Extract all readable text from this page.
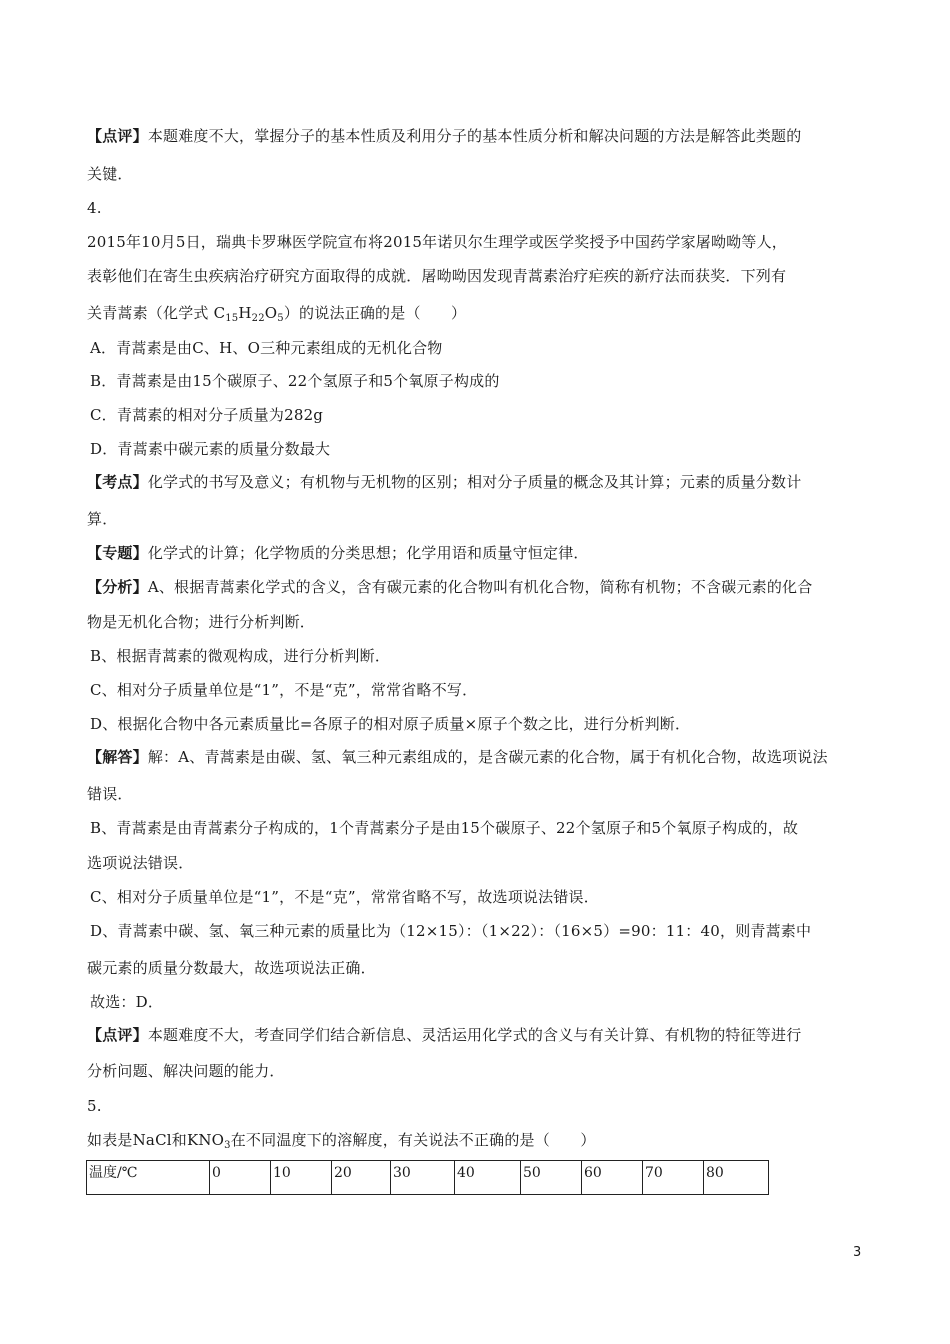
【点评】本题难度不大，掌握分子的基本性质及利用分子的基本性质分析和解决问题的方法是解答此类题的
关键．
4.
2015年10月5日，瑞典卡罗琳医学院宣布将2015年诺贝尔生理学或医学奖授予中国药学家屠呦呦等人，
表彰他们在寄生虫疾病治疗研究方面取得的成就．屠呦呦因发现青蒿素治疗疟疾的新疗法而获奖．下列有
关青蒿素（化学式 $C_{15}H_{22}O_5$）的说法正确的是（　　）
A．青蒿素是由C、H、O三种元素组成的无机化合物
B．青蒿素是由15个碳原子、22个氢原子和5个氧原子构成的
C．青蒿素的相对分子质量为282g
D．青蒿素中碳元素的质量分数最大
【考点】化学式的书写及意义；有机物与无机物的区别；相对分子质量的概念及其计算；元素的质量分数计
算．
【专题】化学式的计算；化学物质的分类思想；化学用语和质量守恒定律．
【分析】A、根据青蒿素化学式的含义，含有碳元素的化合物叫有机化合物，简称有机物；不含碳元素的化合
物是无机化合物；进行分析判断．
B、根据青蒿素的微观构成，进行分析判断．
C、相对分子质量单位是“1”，不是“克”，常常省略不写．
D、根据化合物中各元素质量比=各原子的相对原子质量×原子个数之比，进行分析判断．
【解答】解：A、青蒿素是由碳、氢、氧三种元素组成的，是含碳元素的化合物，属于有机化合物，故选项说法
错误．
B、青蒿素是由青蒿素分子构成的，1个青蒿素分子是由15个碳原子、22个氢原子和5个氧原子构成的，故
选项说法错误．
C、相对分子质量单位是“1”，不是“克”，常常省略不写，故选项说法错误．
D、青蒿素中碳、氢、氧三种元素的质量比为（12×15）：（1×22）：（16×5）=90：11：40，则青蒿素中
碳元素的质量分数最大，故选项说法正确．
故选：D．
【点评】本题难度不大，考查同学们结合新信息、灵活运用化学式的含义与有关计算、有机物的特征等进行
分析问题、解决问题的能力．
5.
如表是NaCl和$KNO_3$在不同温度下的溶解度，有关说法不正确的是（　　）
温度/℃	0	10	20	30	40	50	60	70	80
3
